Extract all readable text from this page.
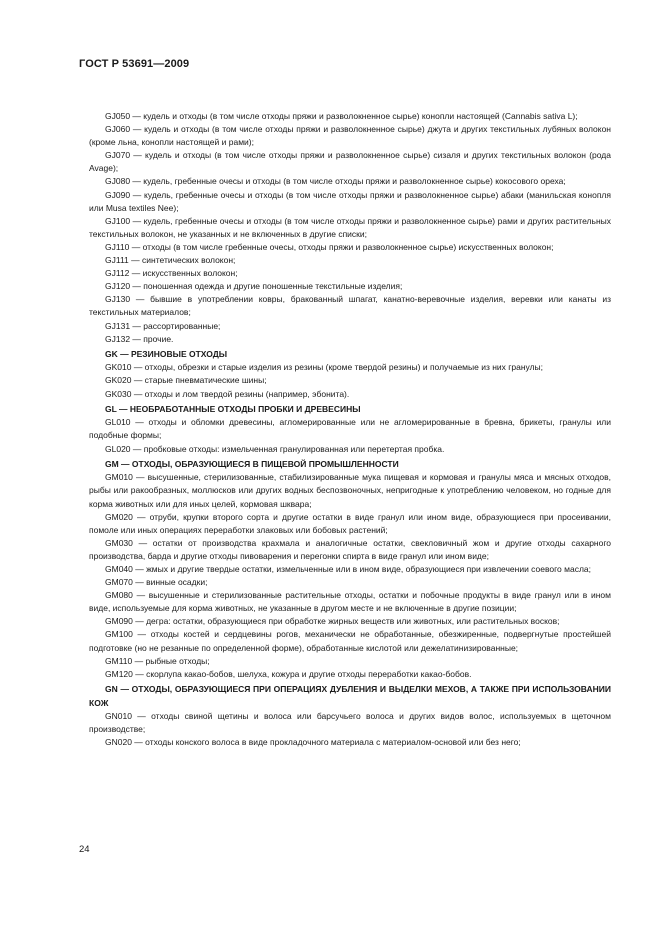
ГОСТ Р 53691—2009

GJ050 — кудель и отходы (в том числе отходы пряжи и разволокненное сырье) конопли настоящей (Cannabis sativa L);

GJ060 — кудель и отходы (в том числе отходы пряжи и разволокненное сырье) джута и других текстильных лубяных волокон (кроме льна, конопли настоящей и рами);

GJ070 — кудель и отходы (в том числе отходы пряжи и разволокненное сырье) сизаля и других текстильных волокон (рода Avage);

GJ080 — кудель, гребенные очесы и отходы (в том числе отходы пряжи и разволокненное сырье) кокосового ореха;

GJ090 — кудель, гребенные очесы и отходы (в том числе отходы пряжи и разволокненное сырье) абаки (манильская конопля или Musa textiles Nee);

GJ100 — кудель, гребенные очесы и отходы (в том числе отходы пряжи и разволокненное сырье) рами и других растительных текстильных волокон, не указанных и не включенных в другие списки;

GJ110 — отходы (в том числе гребенные очесы, отходы пряжи и разволокненное сырье) искусственных волокон;

GJ111 — синтетических волокон;

GJ112 — искусственных волокон;

GJ120 — поношенная одежда и другие поношенные текстильные изделия;

GJ130 — бывшие в употреблении ковры, бракованный шпагат, канатно-веревочные изделия, веревки или канаты из текстильных материалов;

GJ131 — рассортированные;

GJ132 — прочие.

GK — РЕЗИНОВЫЕ ОТХОДЫ

GK010 — отходы, обрезки и старые изделия из резины (кроме твердой резины) и получаемые из них гранулы;

GK020 — старые пневматические шины;

GK030 — отходы и лом твердой резины (например, эбонита).

GL — НЕОБРАБОТАННЫЕ ОТХОДЫ ПРОБКИ И ДРЕВЕСИНЫ

GL010 — отходы и обломки древесины, агломерированные или не агломерированные в бревна, брикеты, гранулы или подобные формы;

GL020 — пробковые отходы: измельченная гранулированная или перетертая пробка.

GM — ОТХОДЫ, ОБРАЗУЮЩИЕСЯ В ПИЩЕВОЙ ПРОМЫШЛЕННОСТИ

GM010 — высушенные, стерилизованные, стабилизированные мука пищевая и кормовая и гранулы мяса и мясных отходов, рыбы или ракообразных, моллюсков или других водных беспозвоночных, непригодные к употреблению человеком, но годные для корма животных или для иных целей, кормовая шквара;

GM020 — отруби, крупки второго сорта и другие остатки в виде гранул или ином виде, образующиеся при просеивании, помоле или иных операциях переработки злаковых или бобовых растений;

GM030 — остатки от производства крахмала и аналогичные остатки, свекловичный жом и другие отходы сахарного производства, барда и другие отходы пивоварения и перегонки спирта в виде гранул или ином виде;

GM040 — жмых и другие твердые остатки, измельченные или в ином виде, образующиеся при извлечении соевого масла;

GM070 — винные осадки;

GM080 — высушенные и стерилизованные растительные отходы, остатки и побочные продукты в виде гранул или в ином виде, используемые для корма животных, не указанные в другом месте и не включенные в другие позиции;

GM090 — дегра: остатки, образующиеся при обработке жирных веществ или животных, или растительных восков;

GM100 — отходы костей и сердцевины рогов, механически не обработанные, обезжиренные, подвергнутые простейшей подготовке (но не резанные по определенной форме), обработанные кислотой или дежелатинизированные;

GM110 — рыбные отходы;

GM120 — скорлупа какао-бобов, шелуха, кожура и другие отходы переработки какао-бобов.

GN — ОТХОДЫ, ОБРАЗУЮЩИЕСЯ ПРИ ОПЕРАЦИЯХ ДУБЛЕНИЯ И ВЫДЕЛКИ МЕХОВ, А ТАКЖЕ ПРИ ИСПОЛЬЗОВАНИИ КОЖ

GN010 — отходы свиной щетины и волоса или барсучьего волоса и других видов волос, используемых в щеточном производстве;

GN020 — отходы конского волоса в виде прокладочного материала с материалом-основой или без него;

24
